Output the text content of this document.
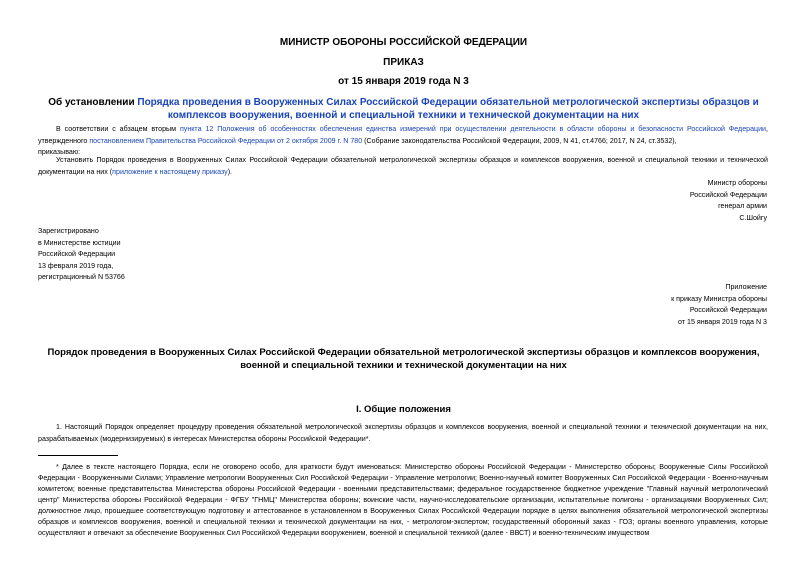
МИНИСТР ОБОРОНЫ РОССИЙСКОЙ ФЕДЕРАЦИИ
ПРИКАЗ
от 15 января 2019 года N 3
Об установлении Порядка проведения в Вооруженных Силах Российской Федерации обязательной метрологической экспертизы образцов и комплексов вооружения, военной и специальной техники и технической документации на них
В соответствии с абзацем вторым пункта 12 Положения об особенностях обеспечения единства измерений при осуществлении деятельности в области обороны и безопасности Российской Федерации, утвержденного постановлением Правительства Российской Федерации от 2 октября 2009 г. N 780 (Собрание законодательства Российской Федерации, 2009, N 41, ст.4766; 2017, N 24, ст.3532),
приказываю:
Установить Порядок проведения в Вооруженных Силах Российской Федерации обязательной метрологической экспертизы образцов и комплексов вооружения, военной и специальной техники и технической документации на них (приложение к настоящему приказу).
Министр обороны
Российской Федерации
генерал армии
С.Шойгу
Зарегистрировано
в Министерстве юстиции
Российской Федерации
13 февраля 2019 года,
регистрационный N 53766
Приложение
к приказу Министра обороны
Российской Федерации
от 15 января 2019 года N 3
Порядок проведения в Вооруженных Силах Российской Федерации обязательной метрологической экспертизы образцов и комплексов вооружения, военной и специальной техники и технической документации на них
I. Общие положения
1. Настоящий Порядок определяет процедуру проведения обязательной метрологической экспертизы образцов и комплексов вооружения, военной и специальной техники и технической документации на них, разрабатываемых (модернизируемых) в интересах Министерства обороны Российской Федерации*.
* Далее в тексте настоящего Порядка, если не оговорено особо, для краткости будут именоваться: Министерство обороны Российской Федерации - Министерство обороны; Вооруженные Силы Российской Федерации - Вооруженными Силами; Управление метрологии Вооруженных Сил Российской Федерации - Управление метрологии; Военно-научный комитет Вооруженных Сил Российской Федерации - Военно-научным комитетом; военные представительства Министерства обороны Российской Федерации - военными представительствами; федеральное государственное бюджетное учреждение "Главный научный метрологический центр" Министерства обороны Российской Федерации - ФГБУ "ГНМЦ" Министерства обороны; воинские части, научно-исследовательские организации, испытательные полигоны - организациями Вооруженных Сил; должностное лицо, прошедшее соответствующую подготовку и аттестованное в установленном в Вооруженных Силах Российской Федерации порядке в целях выполнения обязательной метрологической экспертизы образцов и комплексов вооружения, военной и специальной техники и технической документации на них, - метрологом-экспертом; государственный оборонный заказ - ГОЗ; органы военного управления, которые осуществляют и отвечают за обеспечение Вооруженных Сил Российской Федерации вооружением, военной и специальной техникой (далее - ВВСТ) и военно-техническим имуществом
